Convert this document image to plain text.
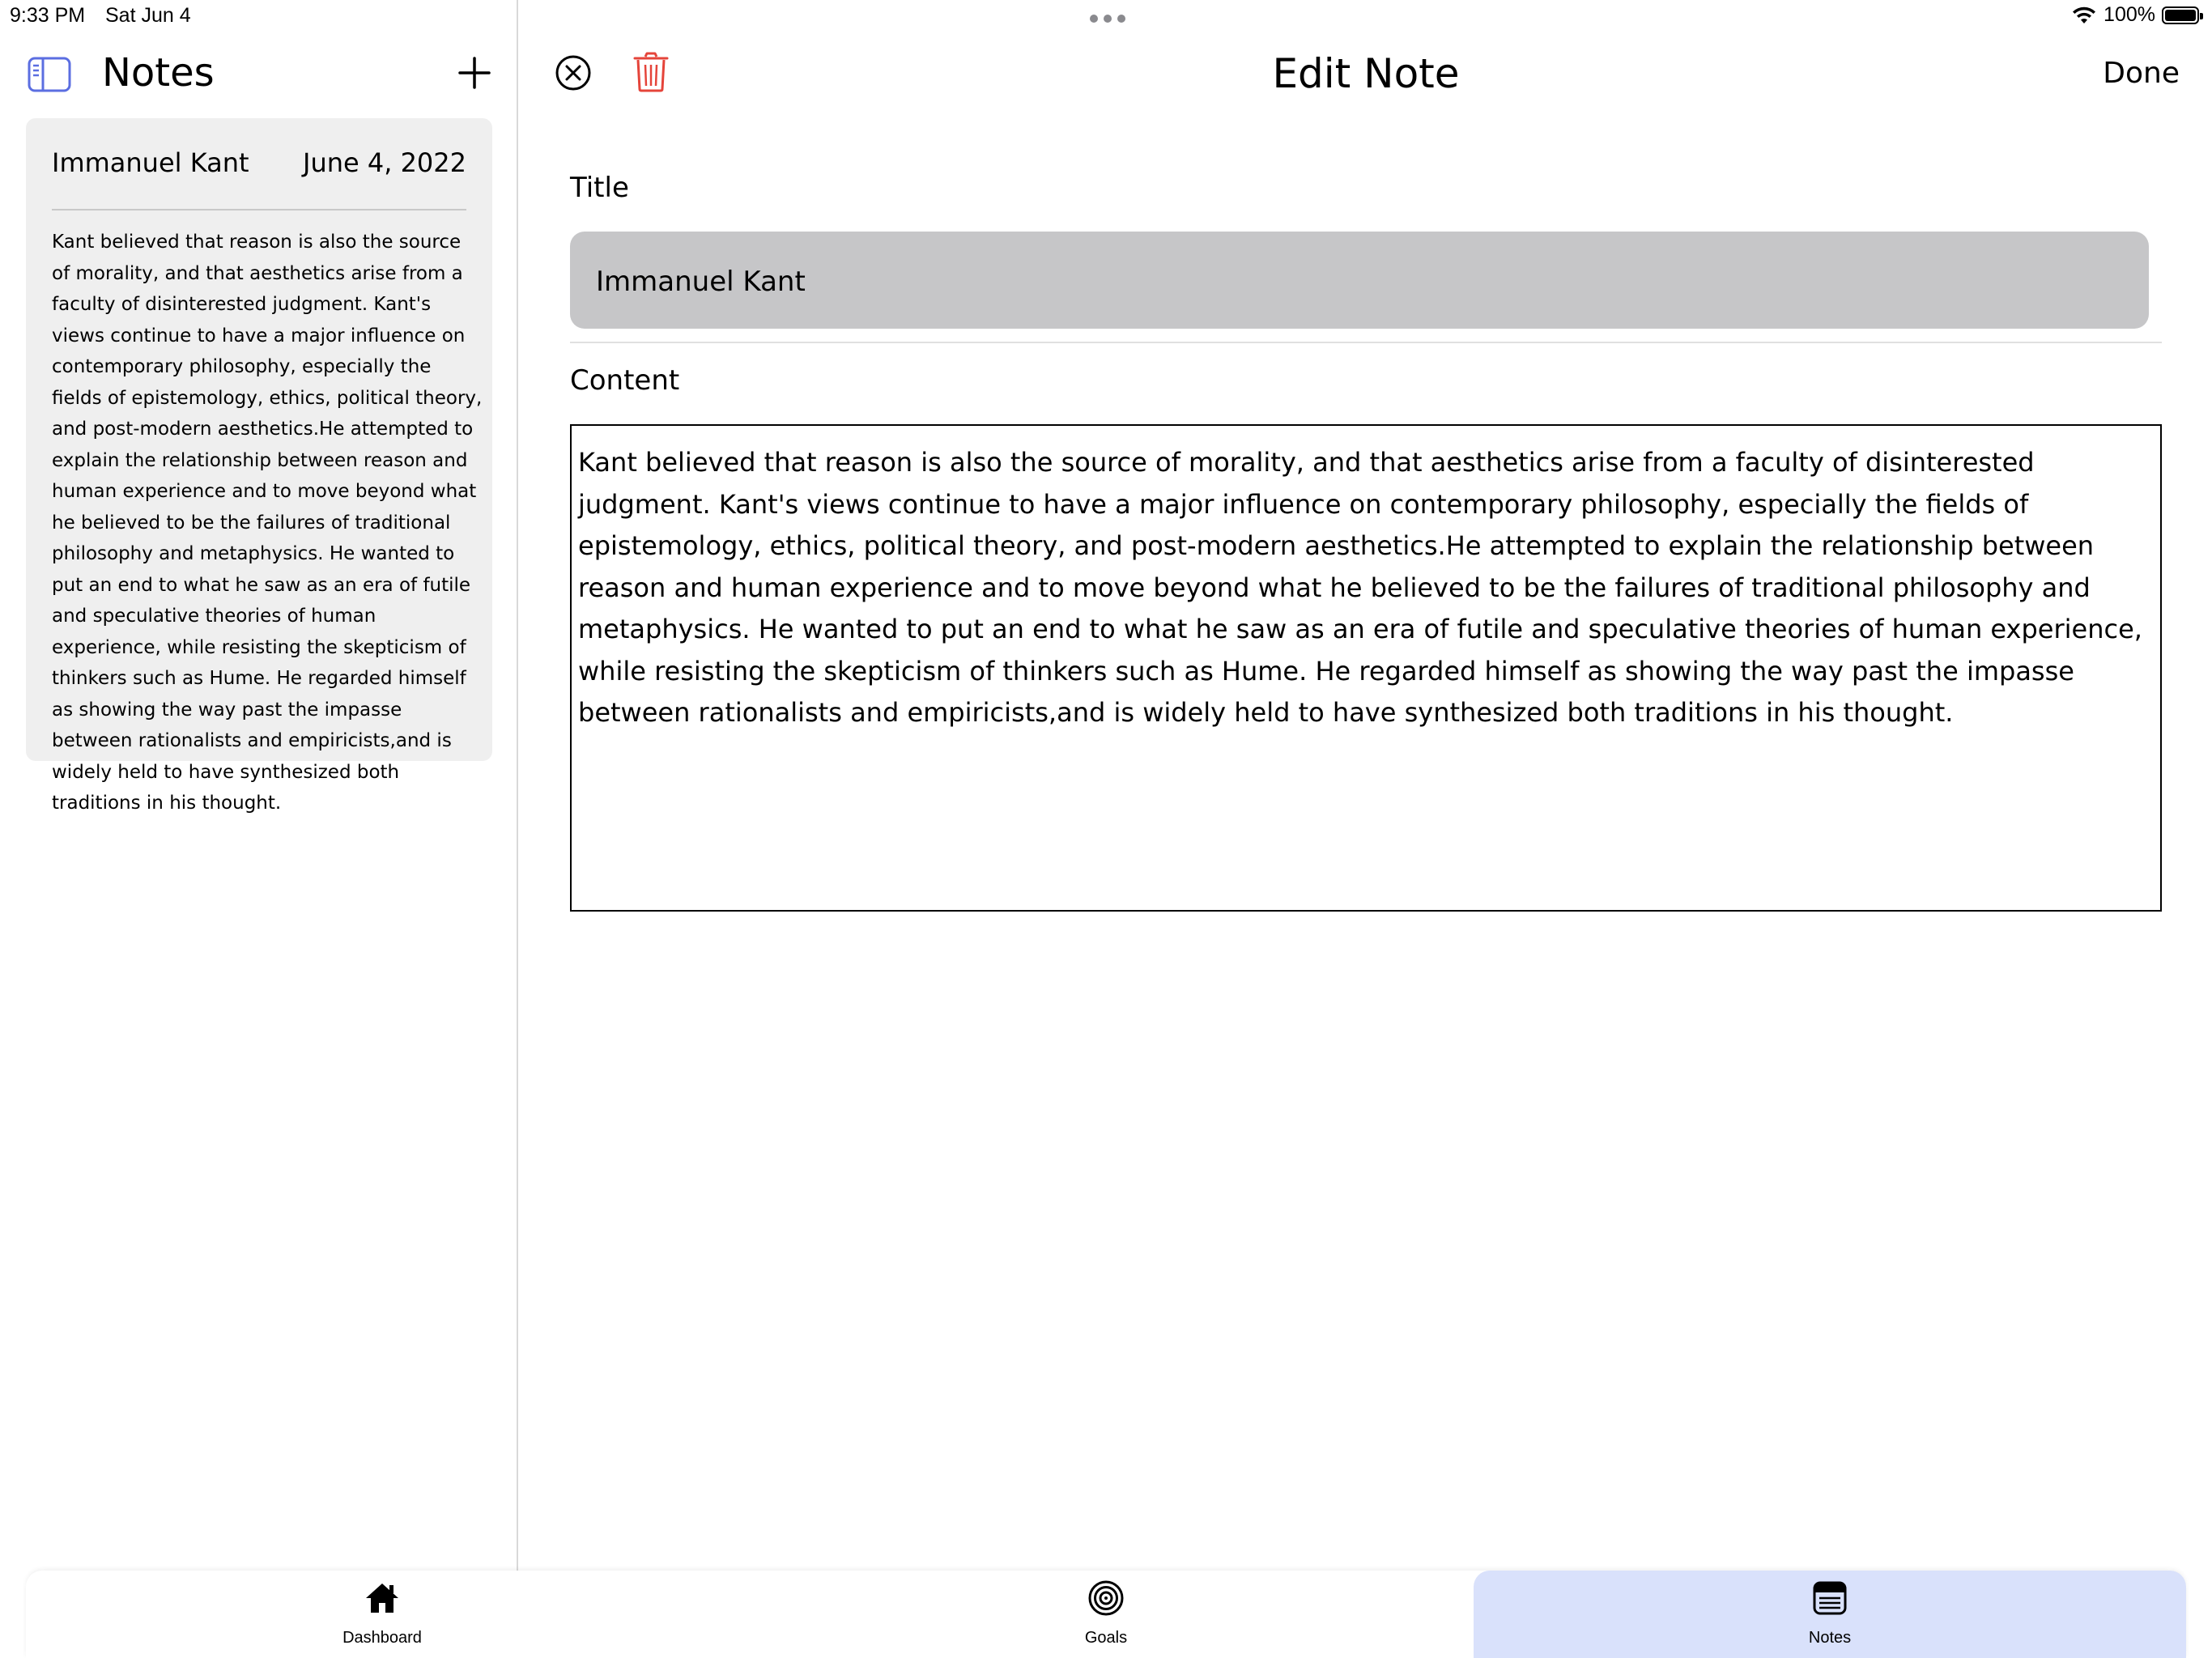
9:33 PM Sat Jun 4	100%
Notes
Immanuel Kant June 4, 2022
Kant believed that reason is also the source of morality, and that aesthetics arise from a faculty of disinterested judgment. Kant's views continue to have a major influence on contemporary philosophy, especially the fields of epistemology, ethics, political theory, and post-modern aesthetics.He attempted to explain the relationship between reason and human experience and to move beyond what he believed to be the failures of traditional philosophy and metaphysics. He wanted to put an end to what he saw as an era of futile and speculative theories of human experience, while resisting the skepticism of thinkers such as Hume. He regarded himself as showing the way past the impasse between rationalists and empiricists,and is widely held to have synthesized both traditions in his thought.
Edit Note	Done
Title
Immanuel Kant
Content
Kant believed that reason is also the source of morality, and that aesthetics arise from a faculty of disinterested judgment. Kant's views continue to have a major influence on contemporary philosophy, especially the fields of epistemology, ethics, political theory, and post-modern aesthetics.He attempted to explain the relationship between reason and human experience and to move beyond what he believed to be the failures of traditional philosophy and metaphysics. He wanted to put an end to what he saw as an era of futile and speculative theories of human experience, while resisting the skepticism of thinkers such as Hume. He regarded himself as showing the way past the impasse between rationalists and empiricists,and is widely held to have synthesized both traditions in his thought.
Dashboard	Goals	Notes
